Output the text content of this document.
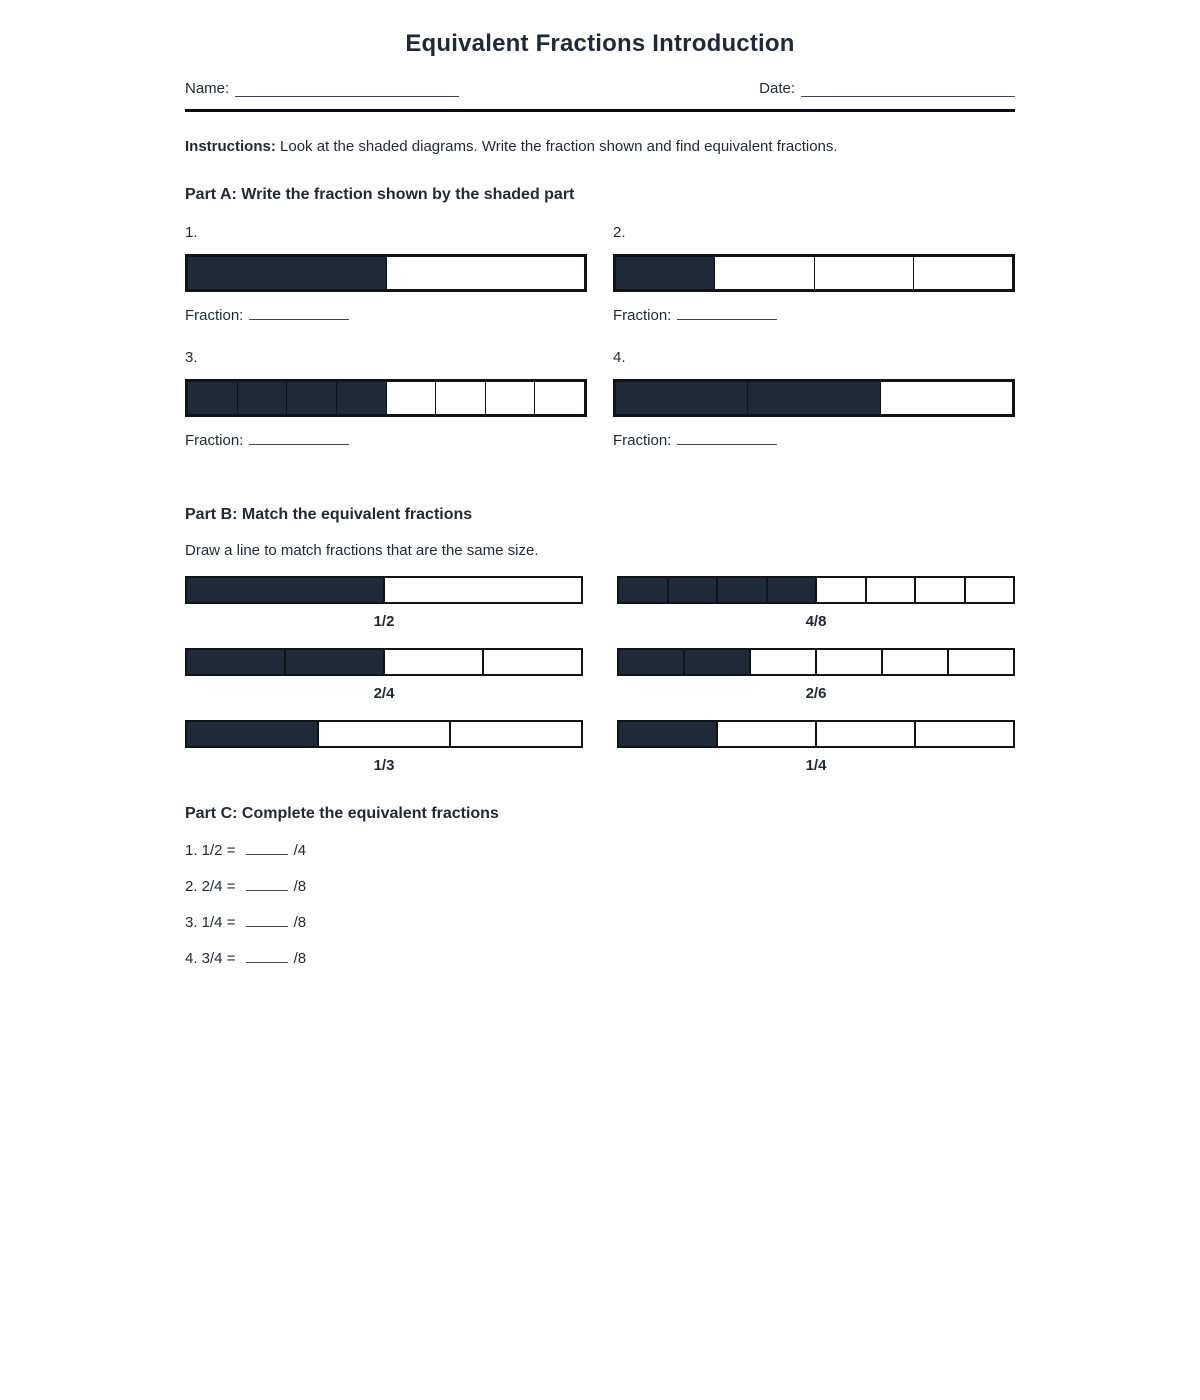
Equivalent Fractions Introduction
Name:	Date:

Instructions: Look at the shaded diagrams. Write the fraction shown and find equivalent fractions.

Part A: Write the fraction shown by the shaded part
1.
Fraction:
2.
Fraction:
3.
Fraction:
4.
Fraction:
Part B: Match the equivalent fractions

Draw a line to match fractions that are the same size.

1/2	4/8
2/4	2/6
1/3	1/4
Part C: Complete the equivalent fractions
1. 1/2 =	/4
2. 2/4 =	/8
3. 1/4 =	/8
4. 3/4 =	/8
